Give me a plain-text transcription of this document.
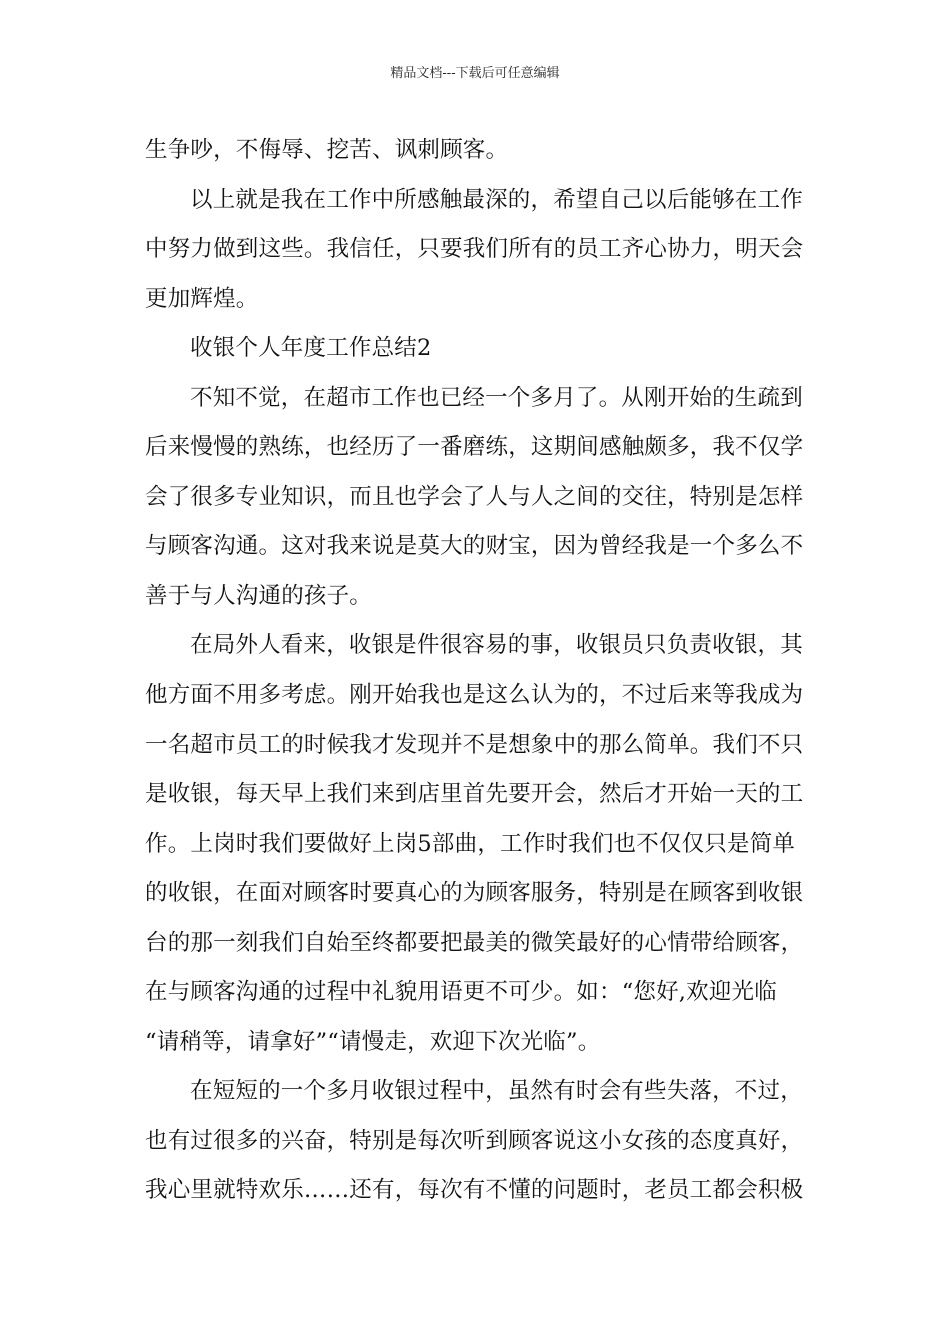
精品文档---下载后可任意编辑
生争吵，不侮辱、挖苦、讽刺顾客。
以上就是我在工作中所感触最深的，希望自己以后能够在工作
中努力做到这些。我信任，只要我们所有的员工齐心协力，明天会
更加辉煌。
收银个人年度工作总结2
不知不觉，在超市工作也已经一个多月了。从刚开始的生疏到
后来慢慢的熟练，也经历了一番磨练，这期间感触颇多，我不仅学
会了很多专业知识，而且也学会了人与人之间的交往，特别是怎样
与顾客沟通。这对我来说是莫大的财宝，因为曾经我是一个多么不
善于与人沟通的孩子。
在局外人看来，收银是件很容易的事，收银员只负责收银，其
他方面不用多考虑。刚开始我也是这么认为的，不过后来等我成为
一名超市员工的时候我才发现并不是想象中的那么简单。我们不只
是收银，每天早上我们来到店里首先要开会，然后才开始一天的工
作。上岗时我们要做好上岗5部曲，工作时我们也不仅仅只是简单
的收银，在面对顾客时要真心的为顾客服务，特别是在顾客到收银
台的那一刻我们自始至终都要把最美的微笑最好的心情带给顾客，
在与顾客沟通的过程中礼貌用语更不可少。如：“您好,欢迎光临
“请稍等，请拿好”“请慢走，欢迎下次光临”。
在短短的一个多月收银过程中，虽然有时会有些失落，不过，
也有过很多的兴奋，特别是每次听到顾客说这小女孩的态度真好，
我心里就特欢乐……还有，每次有不懂的问题时，老员工都会积极
